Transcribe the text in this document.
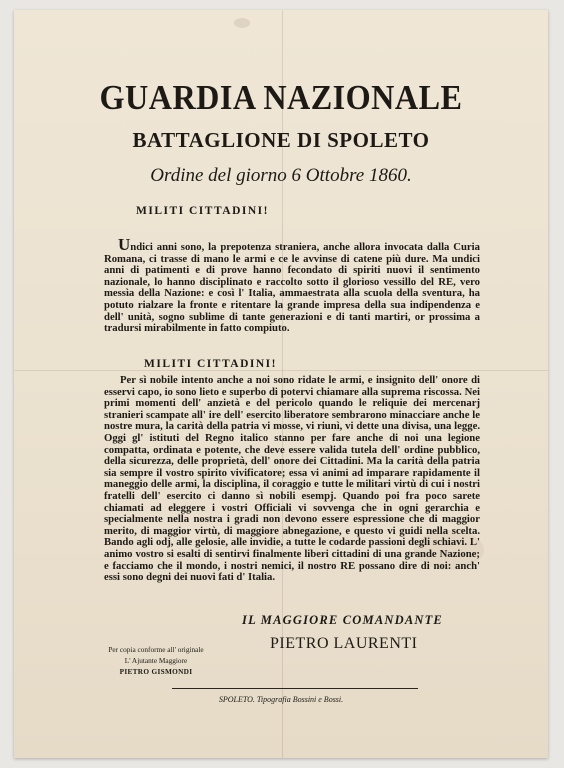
GUARDIA NAZIONALE
BATTAGLIONE DI SPOLETO
Ordine del giorno 6 Ottobre 1860.
MILITI CITTADINI!
Undici anni sono, la prepotenza straniera, anche allora invocata dalla Curia Romana, ci trasse di mano le armi e ce le avvinse di catene più dure. Ma undici anni di patimenti e di prove hanno fecondato di spiriti nuovi il sentimento nazionale, lo hanno disciplinato e raccolto sotto il glorioso vessillo del RE, vero messìa della Nazione: e così l' Italia, ammaestrata alla scuola della sventura, ha potuto rialzare la fronte e ritentare la grande impresa della sua indipendenza e dell' unità, sogno sublime di tante generazioni e di tanti martiri, or prossima a tradursi mirabilmente in fatto compiuto.
MILITI CITTADINI!
Per sì nobile intento anche a noi sono ridate le armi, e insignito dell' onore di esservi capo, io sono lieto e superbo di potervi chiamare alla suprema riscossa. Nei primi momenti dell' anzietà e del pericolo quando le reliquie dei mercenarj stranieri scampate all' ire dell' esercito liberatore sembrarono minacciare anche le nostre mura, la carità della patria vi mosse, vi riunì, vi dette una divisa, una legge. Oggi gl' istituti del Regno italico stanno per fare anche di noi una legione compatta, ordinata e potente, che deve essere valida tutela dell' ordine pubblico, della sicurezza, delle proprietà, dell' onore dei Cittadini. Ma la carità della patria sia sempre il vostro spirito vivificatore; essa vi animi ad imparare rapidamente il maneggio delle armi, la disciplina, il coraggio e tutte le militari virtù di cui i nostri fratelli dell' esercito ci danno sì nobili esempj. Quando poi fra poco sarete chiamati ad eleggere i vostri Officiali vi sovvenga che in ogni gerarchia e specialmente nella nostra i gradi non devono essere espressione che di maggior merito, di maggior virtù, di maggiore abnegazione, e questo vi guidi nella scelta. Bando agli odj, alle gelosie, alle invidie, a tutte le codarde passioni degli schiavi. L' animo vostro si esalti di sentirvi finalmente liberi cittadini di una grande Nazione; e facciamo che il mondo, i nostri nemici, il nostro RE possano dire di noi: anch' essi sono degni dei nuovi fati d' Italia.
IL MAGGIORE COMANDANTE
PIETRO LAURENTI
Per copia conforme all' originale
L' Ajutante Maggiore
PIETRO GISMONDI
SPOLETO. Tipografia Bossini e Bossi.
